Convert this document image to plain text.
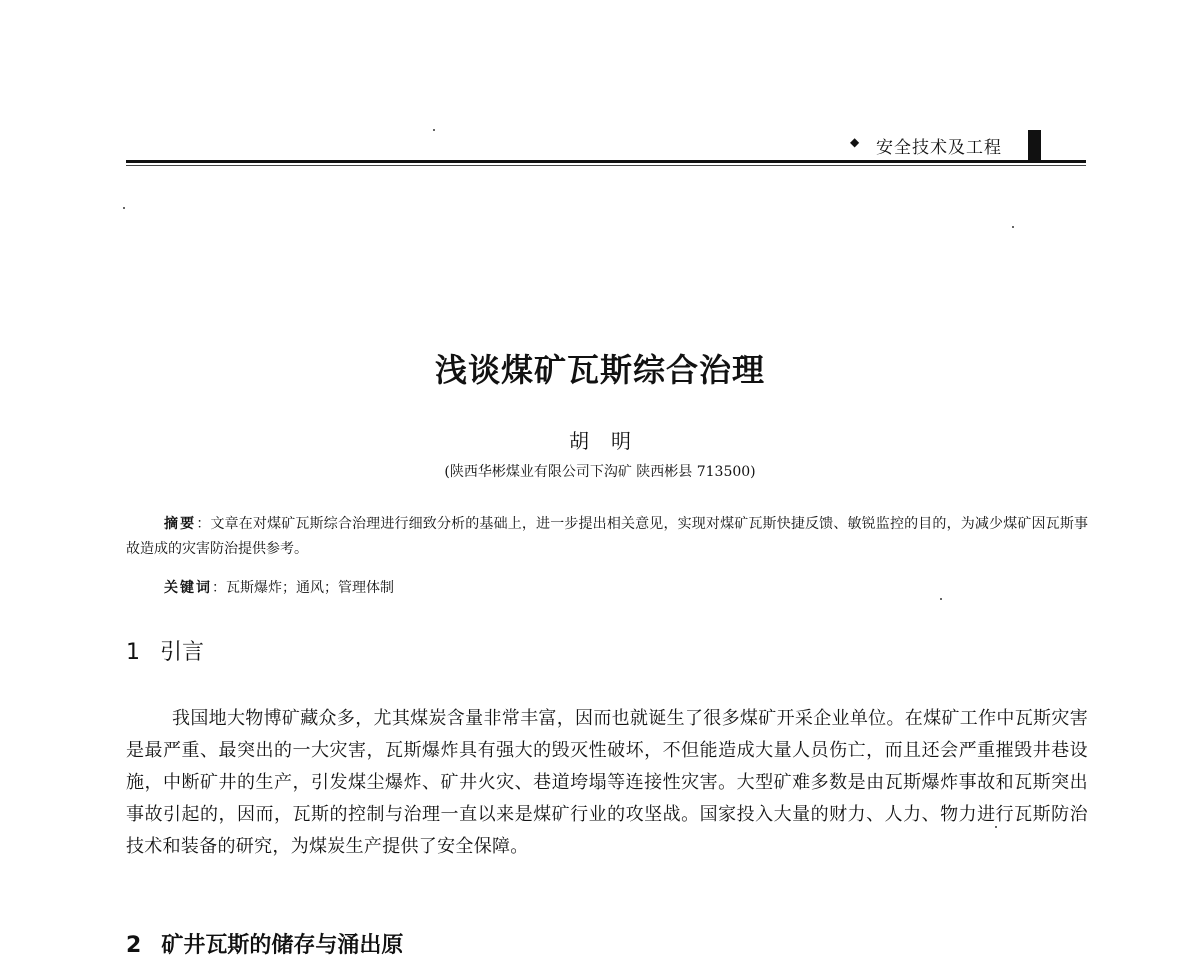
◆ 安全技术及工程
浅谈煤矿瓦斯综合治理
胡明
(陕西华彬煤业有限公司下沟矿 陕西彬县 713500)
摘要：文章在对煤矿瓦斯综合治理进行细致分析的基础上，进一步提出相关意见，实现对煤矿瓦斯快捷反馈、敏锐监控的目的，为减少煤矿因瓦斯事故造成的灾害防治提供参考。
关键词：瓦斯爆炸；通风；管理体制
1 引言
我国地大物博矿藏众多，尤其煤炭含量非常丰富，因而也就诞生了很多煤矿开采企业单位。在煤矿工作中瓦斯灾害是最严重、最突出的一大灾害，瓦斯爆炸具有强大的毁灭性破坏，不但能造成大量人员伤亡，而且还会严重摧毁井巷设施，中断矿井的生产，引发煤尘爆炸、矿井火灾、巷道垮塌等连接性灾害。大型矿难多数是由瓦斯爆炸事故和瓦斯突出事故引起的，因而，瓦斯的控制与治理一直以来是煤矿行业的攻坚战。国家投入大量的财力、人力、物力进行瓦斯防治技术和装备的研究，为煤炭生产提供了安全保障。
2 矿井瓦斯的储存与涌出原
